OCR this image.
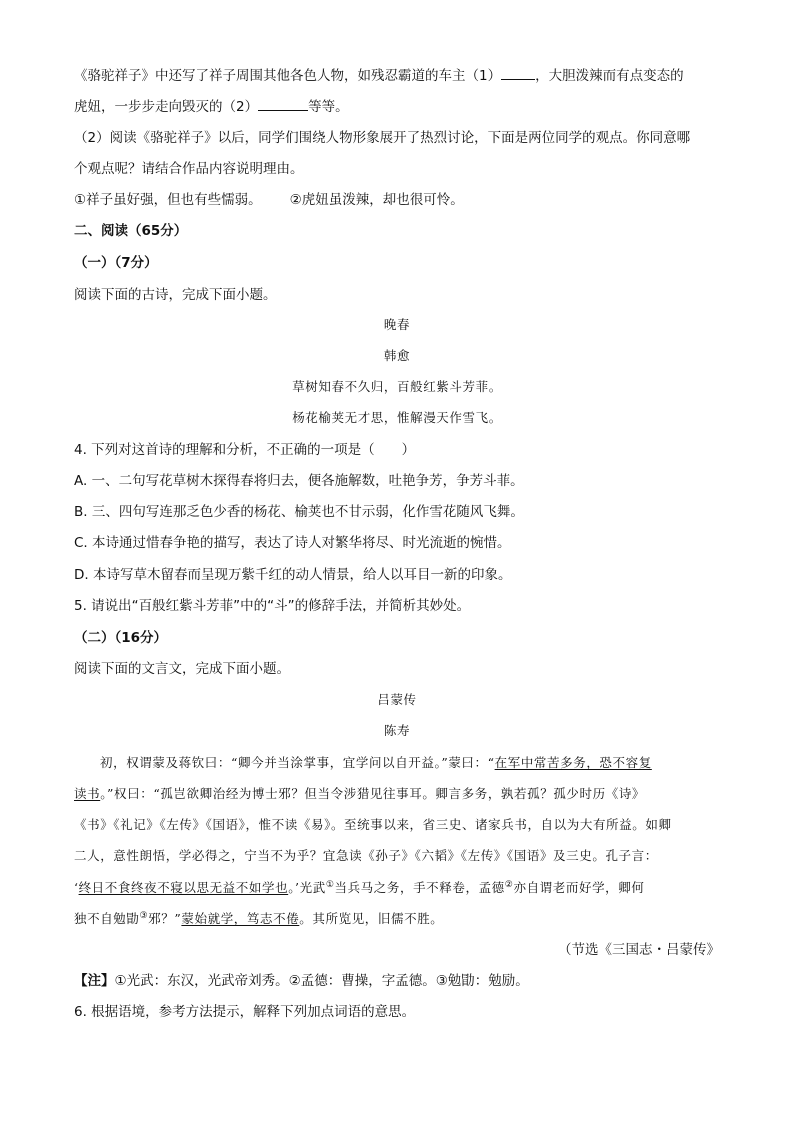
《骆驼祥子》中还写了祥子周围其他各色人物，如残忍霸道的车主（1）	，大胆泼辣而有点变态的
虎妞，一步步走向毁灭的（2）	等等。
（2）阅读《骆驼祥子》以后，同学们围绕人物形象展开了热烈讨论，下面是两位同学的观点。你同意哪
个观点呢？请结合作品内容说明理由。
①祥子虽好强，但也有些懦弱。 ②虎妞虽泼辣，却也很可怜。
二、阅读（65分）
（一）（7分）
阅读下面的古诗，完成下面小题。
晚春
韩愈
草树知春不久归，百般红紫斗芳菲。
杨花榆荚无才思，惟解漫天作雪飞。
4. 下列对这首诗的理解和分析，不正确的一项是（　　）
A. 一、二句写花草树木探得春将归去，便各施解数，吐艳争芳，争芳斗菲。
B. 三、四句写连那乏色少香的杨花、榆荚也不甘示弱，化作雪花随风飞舞。
C. 本诗通过惜春争艳的描写，表达了诗人对繁华将尽、时光流逝的惋惜。
D. 本诗写草木留春而呈现万紫千红的动人情景，给人以耳目一新的印象。
5. 请说出“百般红紫斗芳菲”中的“斗”的修辞手法，并简析其妙处。
（二）（16分）
阅读下面的文言文，完成下面小题。
吕蒙传
陈寿
初，权谓蒙及蒋钦曰：“卿今并当涂掌事，宜学问以自开益。”蒙曰：“在军中常苦多务，恐不容复
读书。”权曰：“孤岂欲卿治经为博士邪？但当令涉猎见往事耳。卿言多务，孰若孤？孤少时历《诗》
《书》《礼记》《左传》《国语》，惟不读《易》。至统事以来，省三史、诸家兵书，自以为大有所益。如卿
二人，意性朗悟，学必得之，宁当不为乎？宜急读《孙子》《六韬》《左传》《国语》及三史。孔子言：
‘终日不食终夜不寝以思无益不如学也。’光武①当兵马之务，手不释卷，孟德②亦自谓老而好学，卿何
独不自勉勖③邪？”蒙始就学，笃志不倦。其所览见，旧儒不胜。
（节选《三国志・吕蒙传》
【注】①光武：东汉，光武帝刘秀。②孟德：曹操，字孟德。③勉勖：勉励。
6. 根据语境，参考方法提示，解释下列加点词语的意思。
